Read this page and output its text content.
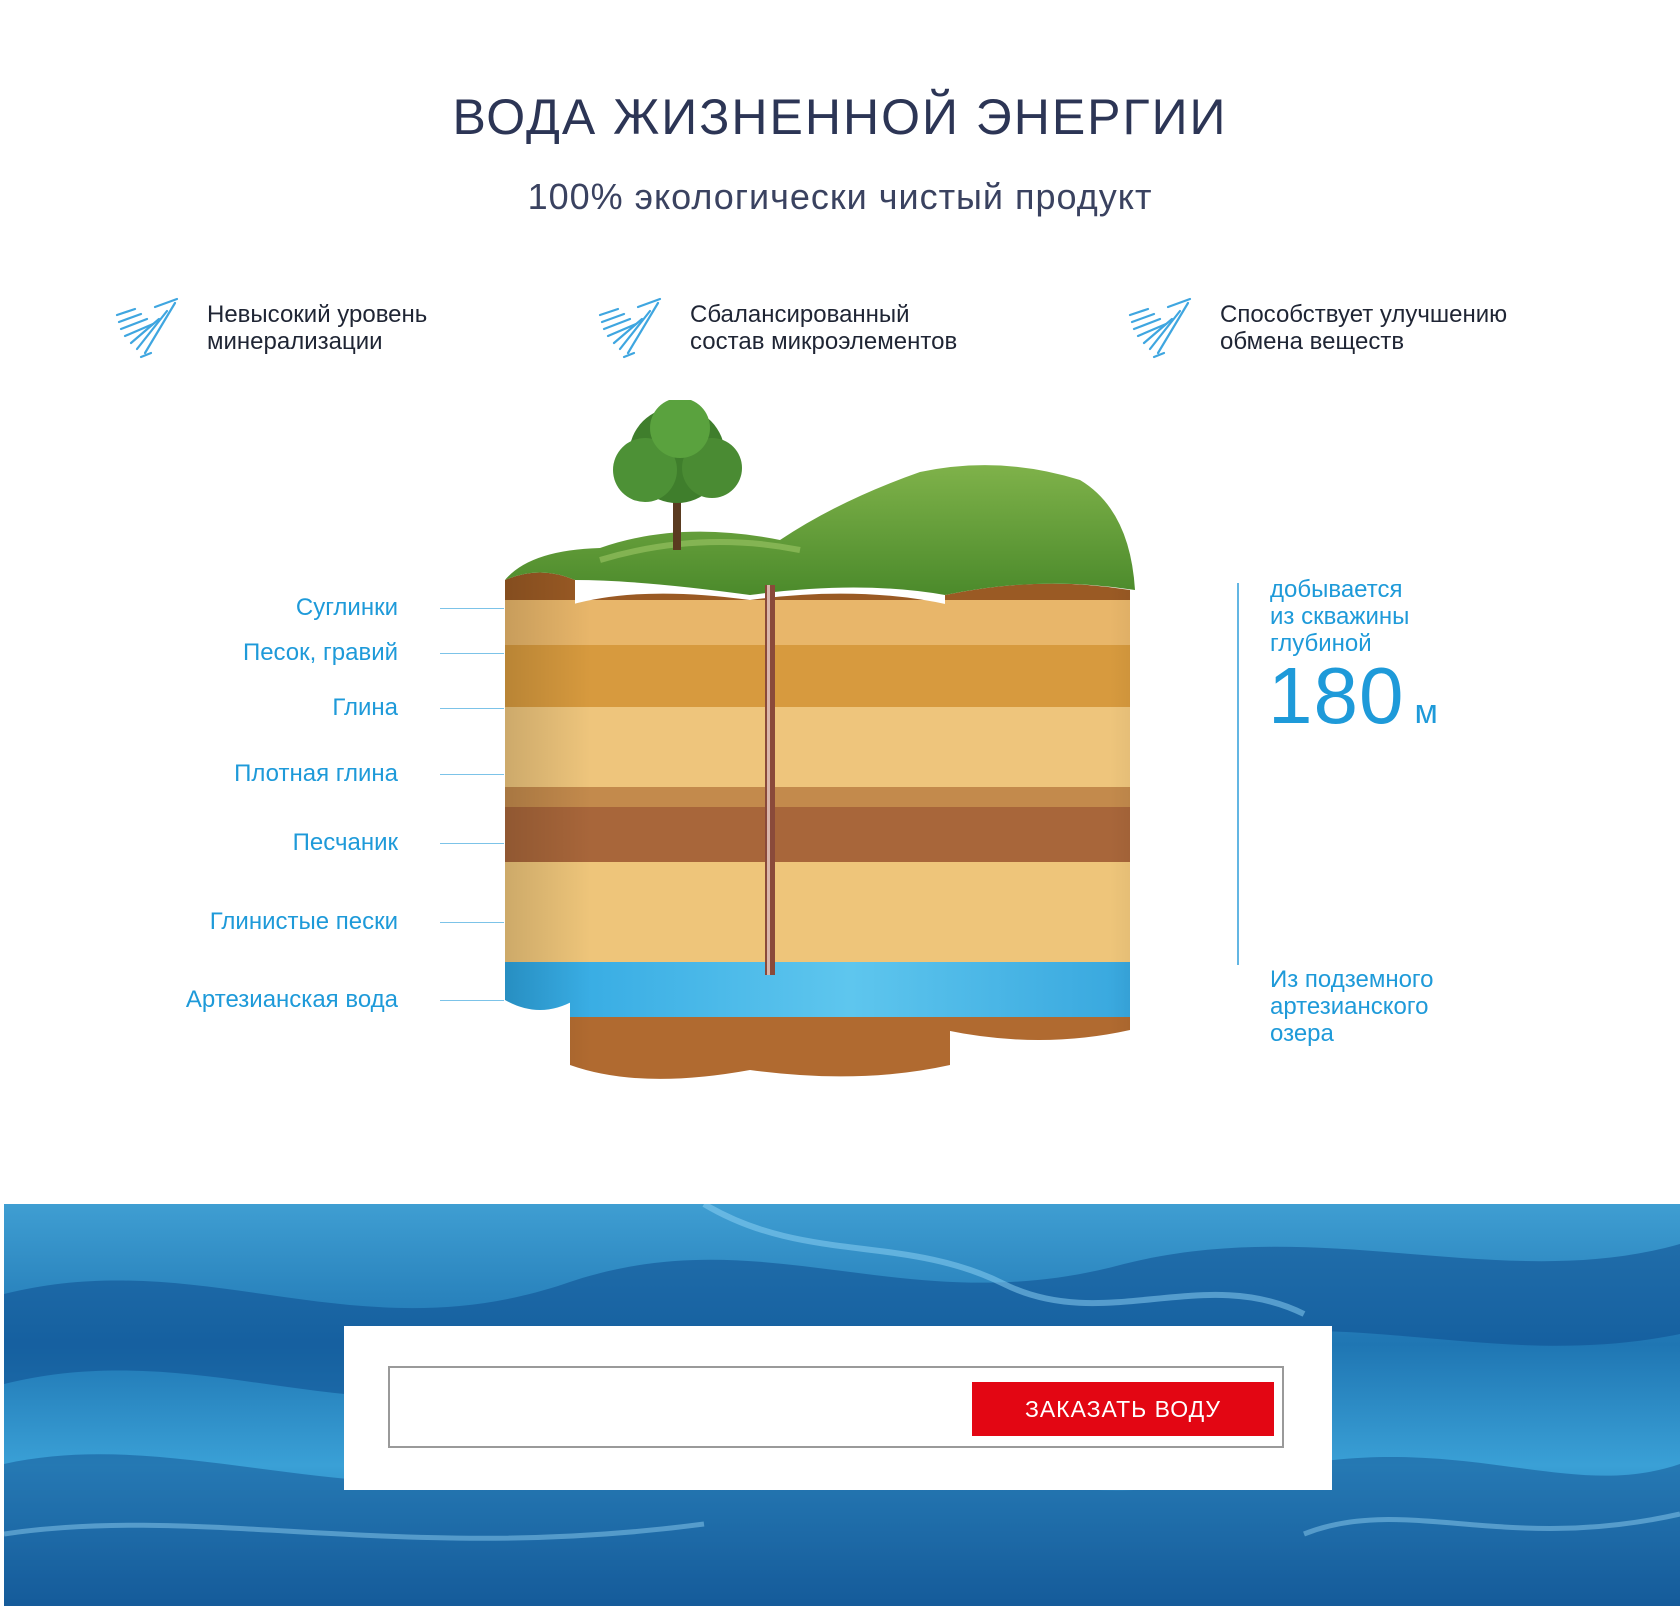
ВОДА ЖИЗНЕННОЙ ЭНЕРГИИ

100% экологически чистый продукт

Невысокий уровень
минерализации
Сбалансированный
состав микроэлементов
Способствует улучшению
обмена веществ
Суглинки
Песок, гравий
Глина
Плотная глина
Песчаник
Глинистые пески
Артезианская вода
добывается
из скважины
глубиной
180 м
Из подземного
артезианского
озера
ЗАКАЗАТЬ ВОДУ
